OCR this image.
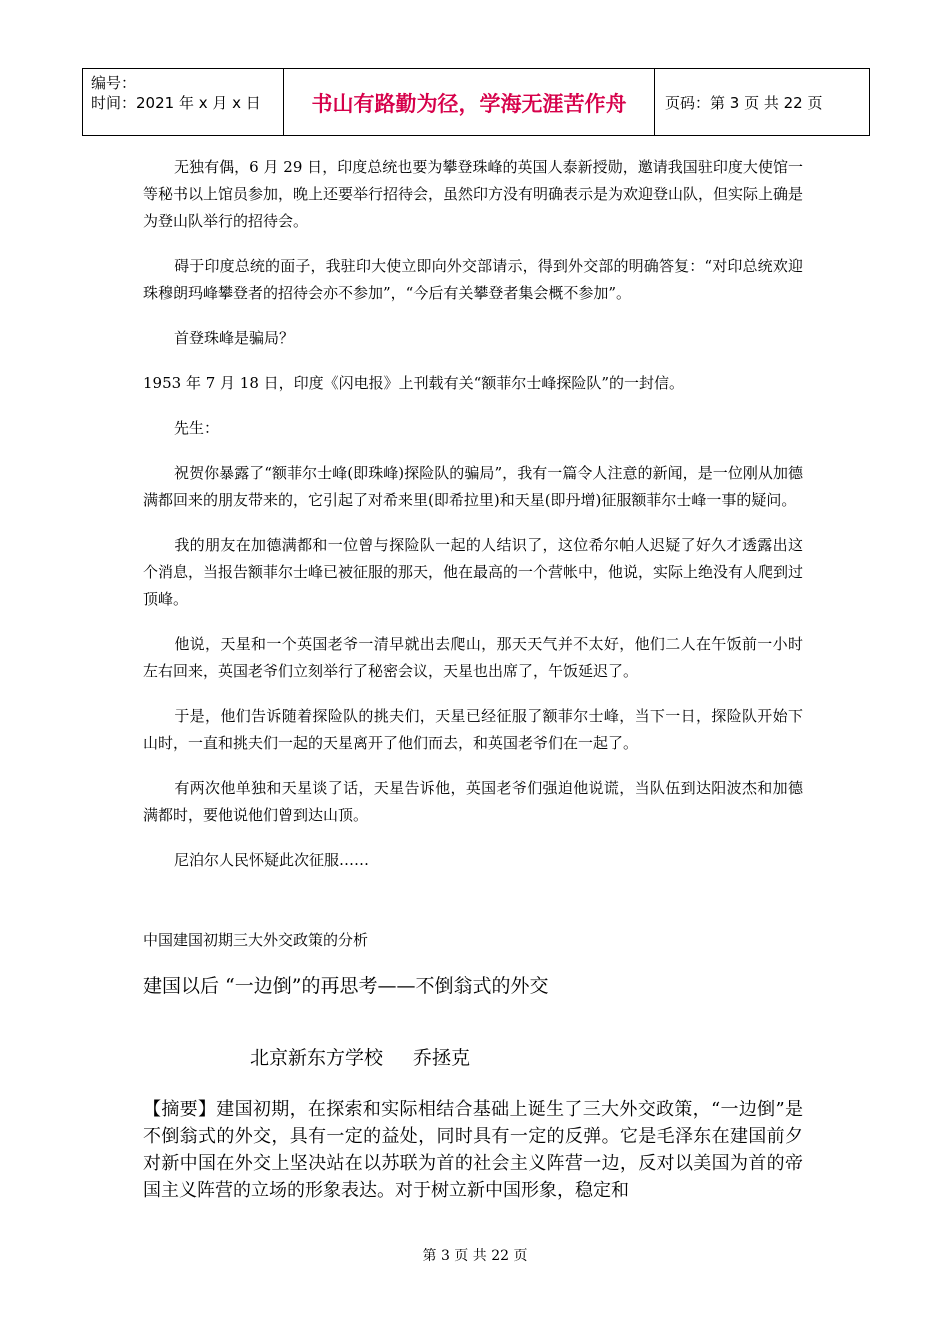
编号：
时间：2021 年 x 月 x 日	书山有路勤为径，学海无涯苦作舟	页码：第 3 页 共 22 页

无独有偶，6 月 29 日，印度总统也要为攀登珠峰的英国人泰新授勋，邀请我国驻印度大使馆一等秘书以上馆员参加，晚上还要举行招待会，虽然印方没有明确表示是为欢迎登山队，但实际上确是为登山队举行的招待会。

碍于印度总统的面子，我驻印大使立即向外交部请示，得到外交部的明确答复：“对印总统欢迎珠穆朗玛峰攀登者的招待会亦不参加”，“今后有关攀登者集会概不参加”。

首登珠峰是骗局？

1953 年 7 月 18 日，印度《闪电报》上刊载有关“额菲尔士峰探险队”的一封信。

先生：

祝贺你暴露了“额菲尔士峰(即珠峰)探险队的骗局”，我有一篇令人注意的新闻，是一位刚从加德满都回来的朋友带来的，它引起了对希来里(即希拉里)和天星(即丹增)征服额菲尔士峰一事的疑问。

我的朋友在加德满都和一位曾与探险队一起的人结识了，这位希尔帕人迟疑了好久才透露出这个消息，当报告额菲尔士峰已被征服的那天，他在最高的一个营帐中，他说，实际上绝没有人爬到过顶峰。

他说，天星和一个英国老爷一清早就出去爬山，那天天气并不太好，他们二人在午饭前一小时左右回来，英国老爷们立刻举行了秘密会议，天星也出席了，午饭延迟了。

于是，他们告诉随着探险队的挑夫们，天星已经征服了额菲尔士峰，当下一日，探险队开始下山时，一直和挑夫们一起的天星离开了他们而去，和英国老爷们在一起了。

有两次他单独和天星谈了话，天星告诉他，英国老爷们强迫他说谎，当队伍到达阳波杰和加德满都时，要他说他们曾到达山顶。

尼泊尔人民怀疑此次征服……

中国建国初期三大外交政策的分析
建国以后 “一边倒”的再思考——不倒翁式的外交
北京新东方学校 乔拯克

【摘要】建国初期，在探索和实际相结合基础上诞生了三大外交政策，“一边倒”是不倒翁式的外交，具有一定的益处，同时具有一定的反弹。它是毛泽东在建国前夕对新中国在外交上坚决站在以苏联为首的社会主义阵营一边，反对以美国为首的帝国主义阵营的立场的形象表达。对于树立新中国形象，稳定和

第 3 页 共 22 页
